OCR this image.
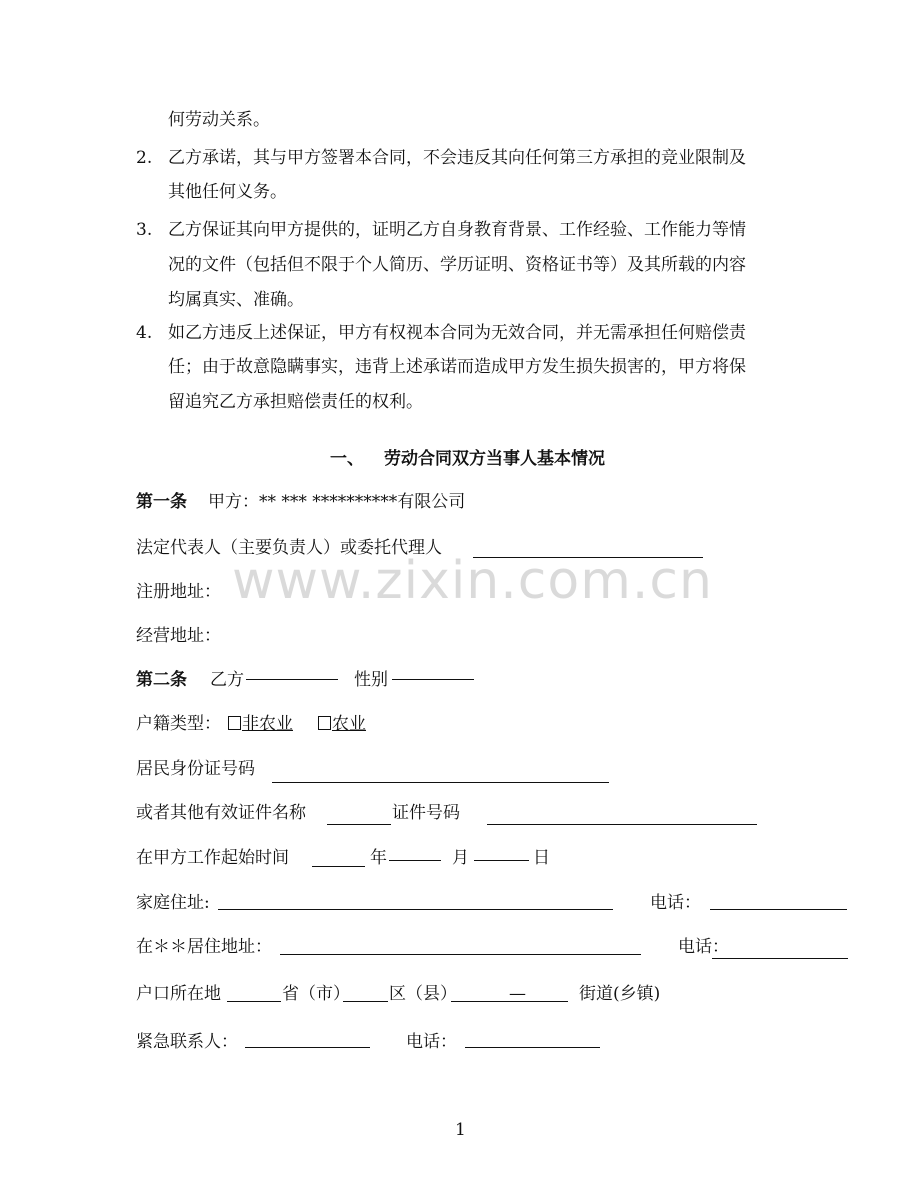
何劳动关系。
2. 乙方承诺，其与甲方签署本合同，不会违反其向任何第三方承担的竞业限制及
其他任何义务。
3. 乙方保证其向甲方提供的，证明乙方自身教育背景、工作经验、工作能力等情
况的文件（包括但不限于个人简历、学历证明、资格证书等）及其所载的内容
均属真实、准确。
4. 如乙方违反上述保证，甲方有权视本合同为无效合同，并无需承担任何赔偿责
任；由于故意隐瞒事实，违背上述承诺而造成甲方发生损失损害的，甲方将保
留追究乙方承担赔偿责任的权利。
一、 劳动合同双方当事人基本情况
第一条 甲方：** *** **********有限公司
法定代表人（主要负责人）或委托代理人
注册地址：
经营地址：
www.zixin.com.cn
第二条 乙方	性别
户籍类型：	非农业	农业
居民身份证号码
或者其他有效证件名称	证件号码
在甲方工作起始时间	年	月	日
家庭住址:	电话：
在＊＊居住地址：	电话：
户口所在地	省（市） 区（县）	—	街道(乡镇)
紧急联系人：	电话：
1
